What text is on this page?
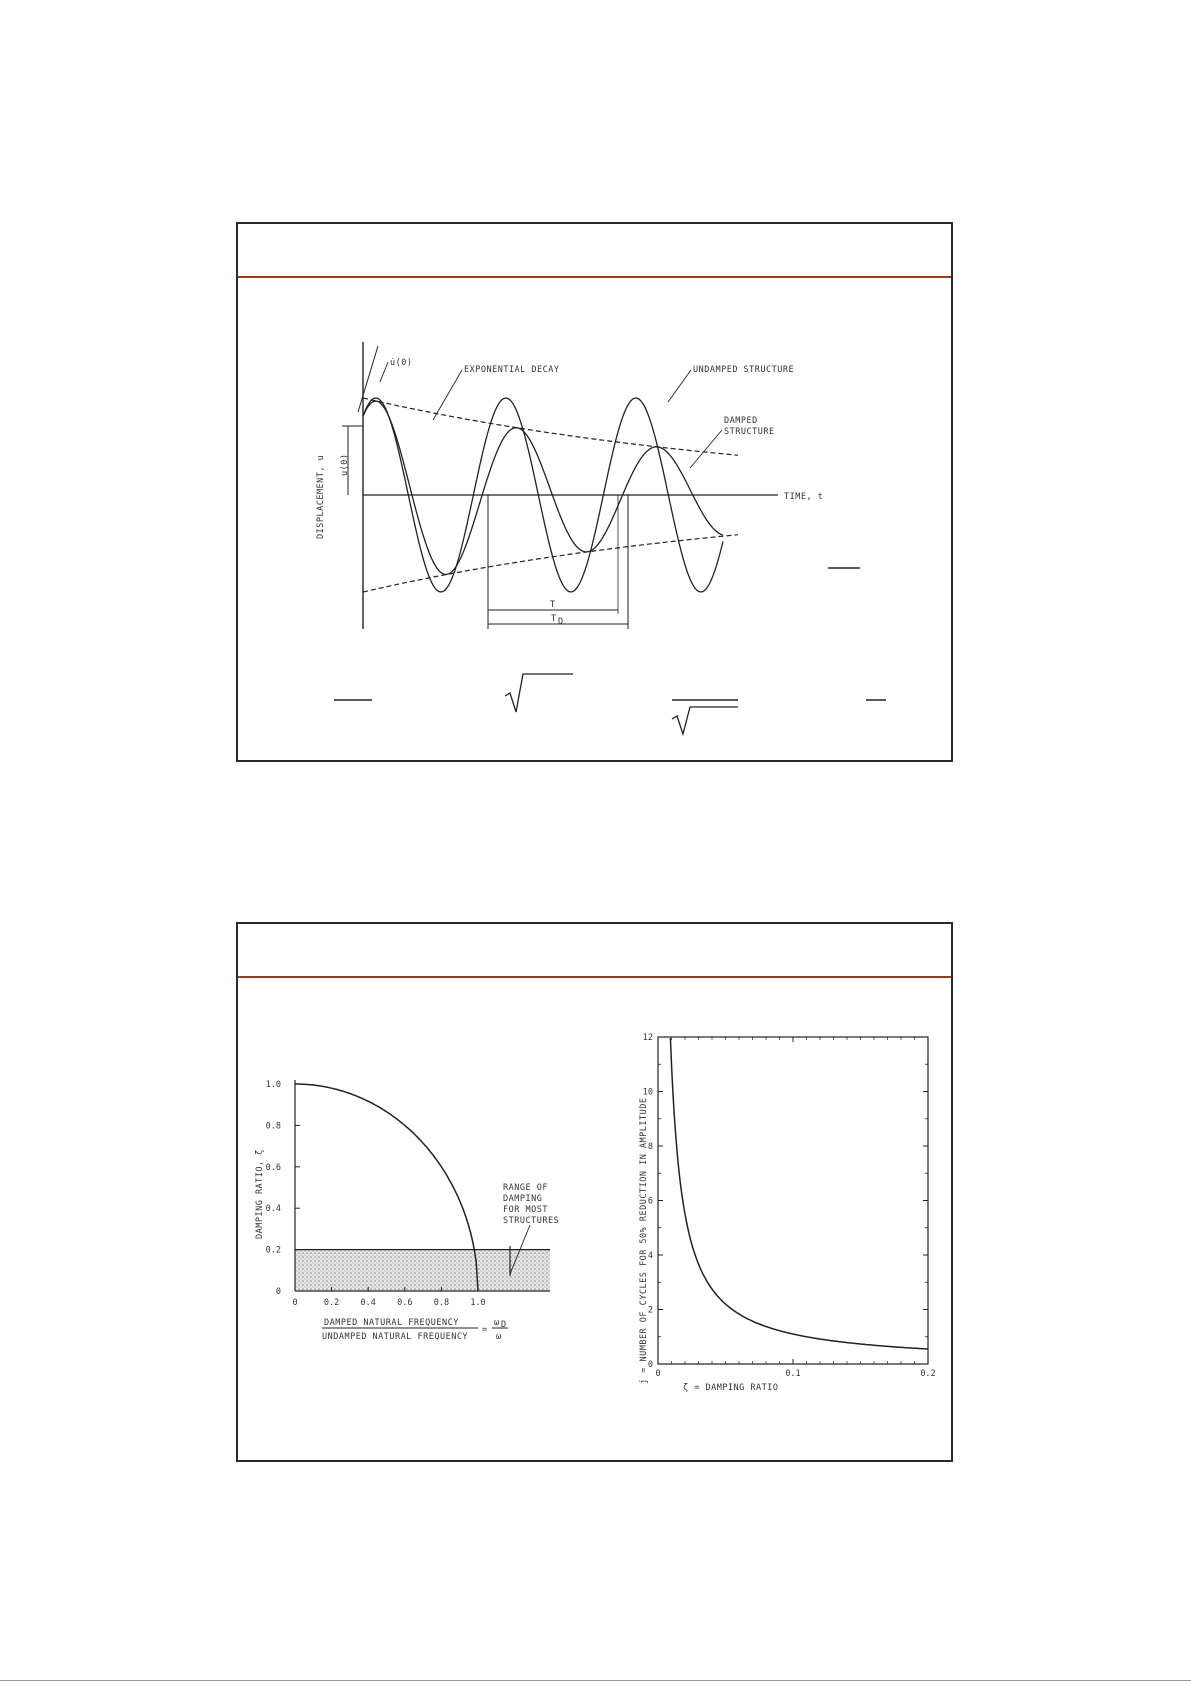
u(0)
DISPLACEMENT, u
u̇(0)
EXPONENTIAL DECAY	UNDAMPED STRUCTURE
DAMPED
STRUCTURE
TIME, t
T
T D
0
0.2
0.4
0.6
0.8
1.0
0	0.2 0.4 0.6 0.8 1.0
DAMPING RATIO, ζ
DAMPED NATURAL FREQUENCY
UNDAMPED NATURAL FREQUENCY
=
ω D
ω
RANGE OF
DAMPING
FOR MOST
STRUCTURES
0
2
4
6
8
10
12
0	0.1	0.2
j = NUMBER OF CYCLES FOR 50% REDUCTION IN AMPLITUDE
ζ = DAMPING RATIO
